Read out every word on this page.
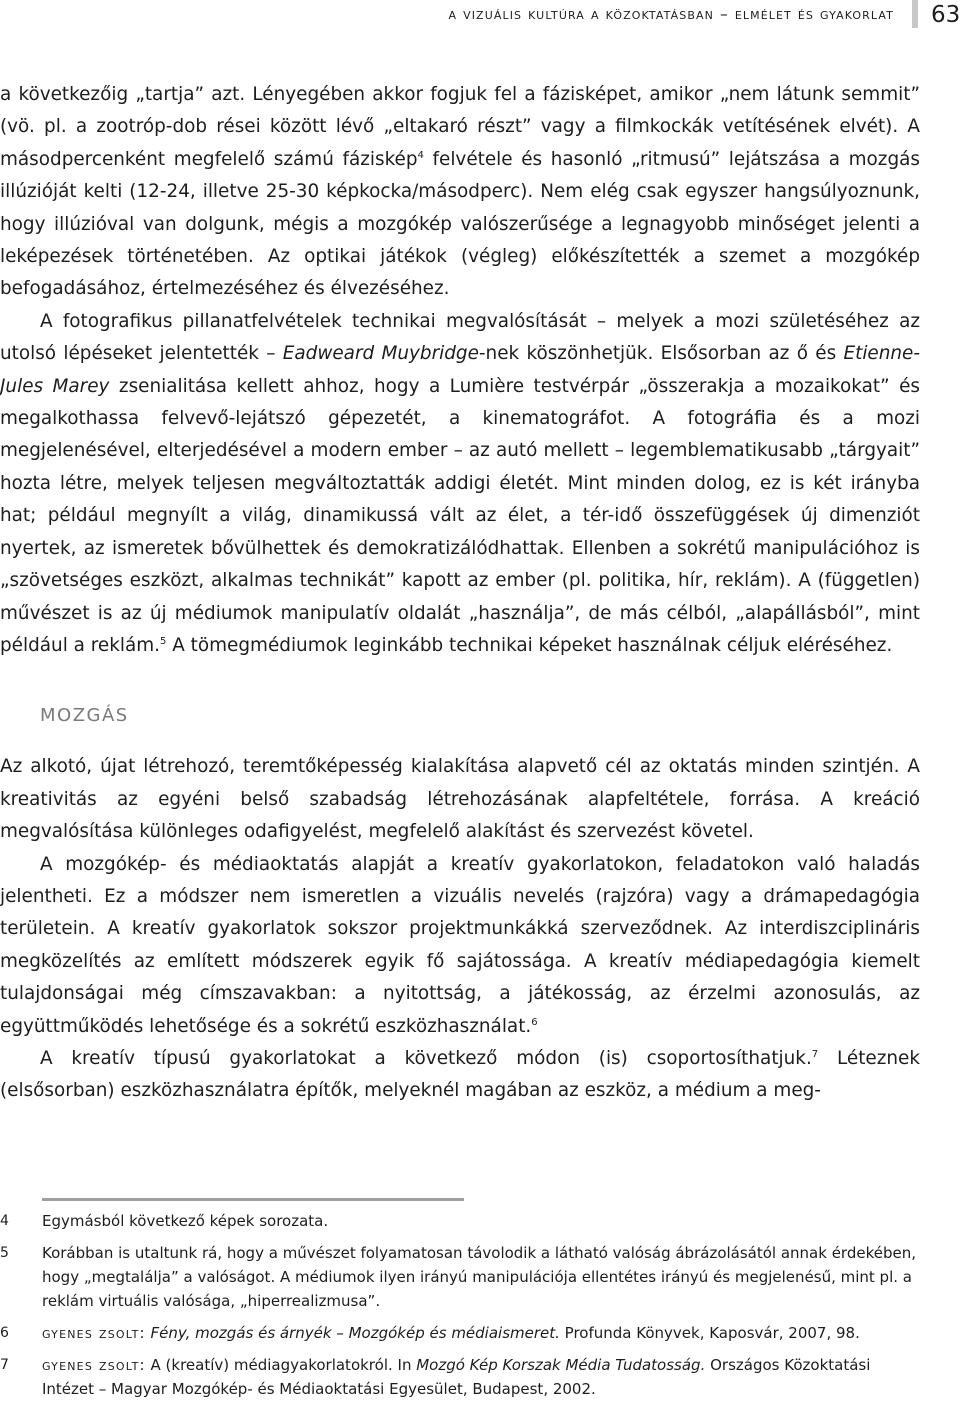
a vizuális kultúra a közoktatásban – elmélet és gyakorlat 63

a következőig „tartja” azt. Lényegében akkor fogjuk fel a fázisképet, amikor „nem látunk semmit” (vö. pl. a zootróp-dob rései között lévő „eltakaró részt” vagy a filmkockák vetítésének elvét). A másodpercenként megfelelő számú fáziskép$^4$ felvétele és hasonló „ritmusú” lejátszása a mozgás illúzióját kelti (12-24, illetve 25-30 képkocka/másodperc). Nem elég csak egyszer hangsúlyoznunk, hogy illúzióval van dolgunk, mégis a mozgókép valószerűsége a legnagyobb minőséget jelenti a leképezések történetében. Az optikai játékok (végleg) előkészítették a szemet a mozgókép befogadásához, értelmezéséhez és élvezéséhez.

A fotografikus pillanatfelvételek technikai megvalósítását – melyek a mozi születéséhez az utolsó lépéseket jelentették – Eadweard Muybridge-nek köszönhetjük. Elsősorban az ő és Etienne-Jules Marey zsenialitása kellett ahhoz, hogy a Lumière testvérpár „összerakja a mozaikokat” és megalkothassa felvevő-lejátszó gépezetét, a kinematográfot. A fotográfia és a mozi megjelenésével, elterjedésével a modern ember – az autó mellett – legemblematikusabb „tárgyait” hozta létre, melyek teljesen megváltoztatták addigi életét. Mint minden dolog, ez is két irányba hat; például megnyílt a világ, dinamikussá vált az élet, a tér-idő összefüggések új dimenziót nyertek, az ismeretek bővülhettek és demokratizálódhattak. Ellenben a sokrétű manipulációhoz is „szövetséges eszközt, alkalmas technikát” kapott az ember (pl. politika, hír, reklám). A (független) művészet is az új médiumok manipulatív oldalát „használja”, de más célból, „alapállásból”, mint például a reklám.$^5$ A tömegmédiumok leginkább technikai képeket használnak céljuk eléréséhez.

mozgás

Az alkotó, újat létrehozó, teremtőképesség kialakítása alapvető cél az oktatás minden szintjén. A kreativitás az egyéni belső szabadság létrehozásának alapfeltétele, forrása. A kreáció megvalósítása különleges odafigyelést, megfelelő alakítást és szervezést követel.

A mozgókép- és médiaoktatás alapját a kreatív gyakorlatokon, feladatokon való haladás jelentheti. Ez a módszer nem ismeretlen a vizuális nevelés (rajzóra) vagy a drámapedagógia területein. A kreatív gyakorlatok sokszor projektmunkákká szerveződnek. Az interdiszciplináris megközelítés az említett módszerek egyik fő sajátossága. A kreatív médiapedagógia kiemelt tulajdonságai még címszavakban: a nyitottság, a játékosság, az érzelmi azonosulás, az együttműködés lehetősége és a sokrétű eszközhasználat.$^6$

A kreatív típusú gyakorlatokat a következő módon (is) csoportosíthatjuk.$^7$ Léteznek (elsősorban) eszközhasználatra építők, melyeknél magában az eszköz, a médium a meg-

4 Egymásból következő képek sorozata.
5 Korábban is utaltunk rá, hogy a művészet folyamatosan távolodik a látható valóság ábrázolásától annak érdekében, hogy „megtalálja” a valóságot. A médiumok ilyen irányú manipulációja ellentétes irányú és megjelenésű, mint pl. a reklám virtuális valósága, „hiperrealizmusa”.
6 gyenes zsolt: Fény, mozgás és árnyék – Mozgókép és médiaismeret. Profunda Könyvek, Kaposvár, 2007, 98.
7 gyenes zsolt: A (kreatív) médiagyakorlatokról. In Mozgó Kép Korszak Média Tudatosság. Országos Közoktatási Intézet – Magyar Mozgókép- és Médiaoktatási Egyesület, Budapest, 2002.
